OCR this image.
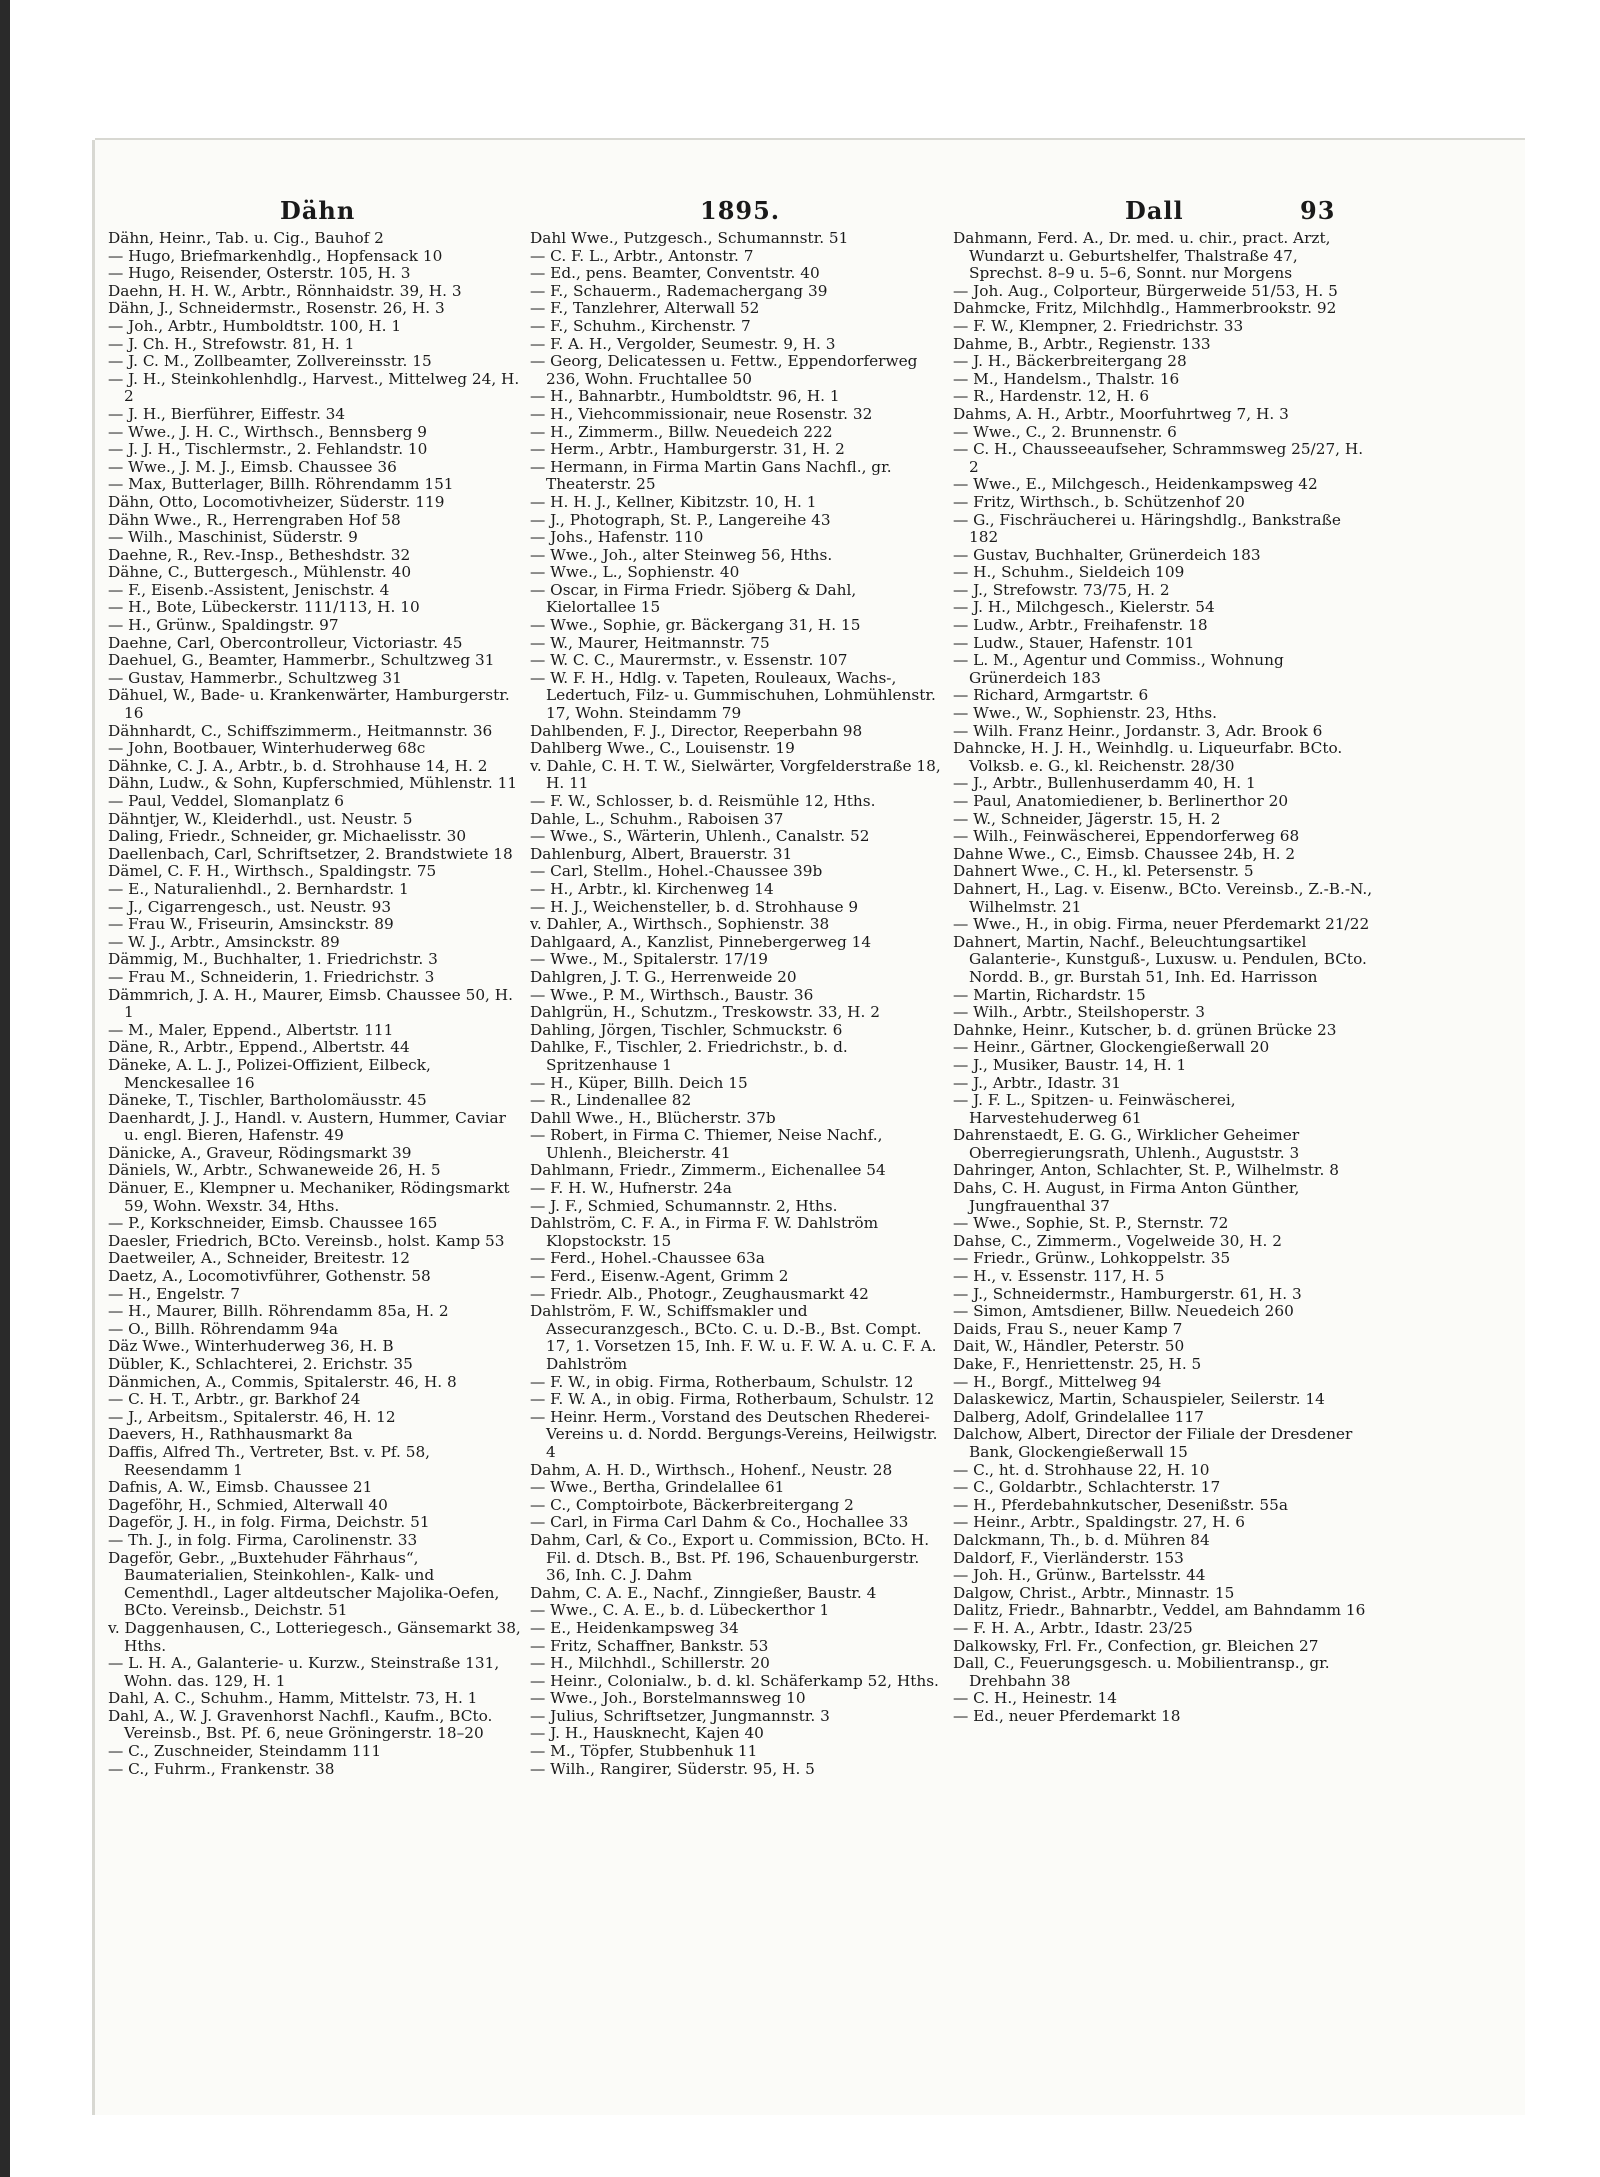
Dähn	1895.	Dall	93

Dähn, Heinr., Tab. u. Cig., Bauhof 2

— Hugo, Briefmarkenhdlg., Hopfensack 10

— Hugo, Reisender, Osterstr. 105, H. 3

Daehn, H. H. W., Arbtr., Rönnhaidstr. 39, H. 3

Dähn, J., Schneidermstr., Rosenstr. 26, H. 3

— Joh., Arbtr., Humboldtstr. 100, H. 1

— J. Ch. H., Strefowstr. 81, H. 1

— J. C. M., Zollbeamter, Zollvereinsstr. 15

— J. H., Steinkohlenhdlg., Harvest., Mittelweg 24, H. 2

— J. H., Bierführer, Eiffestr. 34

— Wwe., J. H. C., Wirthsch., Bennsberg 9

— J. J. H., Tischlermstr., 2. Fehlandstr. 10

— Wwe., J. M. J., Eimsb. Chaussee 36

— Max, Butterlager, Billh. Röhrendamm 151

Dähn, Otto, Locomotivheizer, Süderstr. 119

Dähn Wwe., R., Herrengraben Hof 58

— Wilh., Maschinist, Süderstr. 9

Daehne, R., Rev.-Insp., Betheshdstr. 32

Dähne, C., Buttergesch., Mühlenstr. 40

— F., Eisenb.-Assistent, Jenischstr. 4

— H., Bote, Lübeckerstr. 111/113, H. 10

— H., Grünw., Spaldingstr. 97

Daehne, Carl, Obercontrolleur, Victoriastr. 45

Daehuel, G., Beamter, Hammerbr., Schultzweg 31

— Gustav, Hammerbr., Schultzweg 31

Dähuel, W., Bade- u. Krankenwärter, Hamburgerstr. 16

Dähnhardt, C., Schiffszimmerm., Heitmannstr. 36

— John, Bootbauer, Winterhuderweg 68c

Dähnke, C. J. A., Arbtr., b. d. Strohhause 14, H. 2

Dähn, Ludw., & Sohn, Kupferschmied, Mühlenstr. 11

— Paul, Veddel, Slomanplatz 6

Dähntjer, W., Kleiderhdl., ust. Neustr. 5

Daling, Friedr., Schneider, gr. Michaelisstr. 30

Daellenbach, Carl, Schriftsetzer, 2. Brandstwiete 18

Dämel, C. F. H., Wirthsch., Spaldingstr. 75

— E., Naturalienhdl., 2. Bernhardstr. 1

— J., Cigarrengesch., ust. Neustr. 93

— Frau W., Friseurin, Amsinckstr. 89

— W. J., Arbtr., Amsinckstr. 89

Dämmig, M., Buchhalter, 1. Friedrichstr. 3

— Frau M., Schneiderin, 1. Friedrichstr. 3

Dämmrich, J. A. H., Maurer, Eimsb. Chaussee 50, H. 1

— M., Maler, Eppend., Albertstr. 111

Däne, R., Arbtr., Eppend., Albertstr. 44

Däneke, A. L. J., Polizei-Offizient, Eilbeck, Menckesallee 16

Däneke, T., Tischler, Bartholomäusstr. 45

Daenhardt, J. J., Handl. v. Austern, Hummer, Caviar u. engl. Bieren, Hafenstr. 49

Dänicke, A., Graveur, Rödingsmarkt 39

Däniels, W., Arbtr., Schwaneweide 26, H. 5

Dänuer, E., Klempner u. Mechaniker, Rödingsmarkt 59, Wohn. Wexstr. 34, Hths.

— P., Korkschneider, Eimsb. Chaussee 165

Daesler, Friedrich, BCto. Vereinsb., holst. Kamp 53

Daetweiler, A., Schneider, Breitestr. 12

Daetz, A., Locomotivführer, Gothenstr. 58

— H., Engelstr. 7

— H., Maurer, Billh. Röhrendamm 85a, H. 2

— O., Billh. Röhrendamm 94a

Däz Wwe., Winterhuderweg 36, H. B

Dübler, K., Schlachterei, 2. Erichstr. 35

Dänmichen, A., Commis, Spitalerstr. 46, H. 8

— C. H. T., Arbtr., gr. Barkhof 24

— J., Arbeitsm., Spitalerstr. 46, H. 12

Daevers, H., Rathhausmarkt 8a

Daffis, Alfred Th., Vertreter, Bst. v. Pf. 58, Reesendamm 1

Dafnis, A. W., Eimsb. Chaussee 21

Dageföhr, H., Schmied, Alterwall 40

Dageför, J. H., in folg. Firma, Deichstr. 51

— Th. J., in folg. Firma, Carolinenstr. 33

Dageför, Gebr., „Buxtehuder Fährhaus“, Baumaterialien, Steinkohlen-, Kalk- und Cementhdl., Lager altdeutscher Majolika-Oefen, BCto. Vereinsb., Deichstr. 51

v. Daggenhausen, C., Lotteriegesch., Gänsemarkt 38, Hths.

— L. H. A., Galanterie- u. Kurzw., Steinstraße 131, Wohn. das. 129, H. 1

Dahl, A. C., Schuhm., Hamm, Mittelstr. 73, H. 1

Dahl, A., W. J. Gravenhorst Nachfl., Kaufm., BCto. Vereinsb., Bst. Pf. 6, neue Gröningerstr. 18–20

— C., Zuschneider, Steindamm 111

— C., Fuhrm., Frankenstr. 38

Dahl Wwe., Putzgesch., Schumannstr. 51

— C. F. L., Arbtr., Antonstr. 7

— Ed., pens. Beamter, Conventstr. 40

— F., Schauerm., Rademachergang 39

— F., Tanzlehrer, Alterwall 52

— F., Schuhm., Kirchenstr. 7

— F. A. H., Vergolder, Seumestr. 9, H. 3

— Georg, Delicatessen u. Fettw., Eppendorferweg 236, Wohn. Fruchtallee 50

— H., Bahnarbtr., Humboldtstr. 96, H. 1

— H., Viehcommissionair, neue Rosenstr. 32

— H., Zimmerm., Billw. Neuedeich 222

— Herm., Arbtr., Hamburgerstr. 31, H. 2

— Hermann, in Firma Martin Gans Nachfl., gr. Theaterstr. 25

— H. H. J., Kellner, Kibitzstr. 10, H. 1

— J., Photograph, St. P., Langereihe 43

— Johs., Hafenstr. 110

— Wwe., Joh., alter Steinweg 56, Hths.

— Wwe., L., Sophienstr. 40

— Oscar, in Firma Friedr. Sjöberg & Dahl, Kielortallee 15

— Wwe., Sophie, gr. Bäckergang 31, H. 15

— W., Maurer, Heitmannstr. 75

— W. C. C., Maurermstr., v. Essenstr. 107

— W. F. H., Hdlg. v. Tapeten, Rouleaux, Wachs-, Ledertuch, Filz- u. Gummischuhen, Lohmühlenstr. 17, Wohn. Steindamm 79

Dahlbenden, F. J., Director, Reeperbahn 98

Dahlberg Wwe., C., Louisenstr. 19

v. Dahle, C. H. T. W., Sielwärter, Vorgfelderstraße 18, H. 11

— F. W., Schlosser, b. d. Reismühle 12, Hths.

Dahle, L., Schuhm., Raboisen 37

— Wwe., S., Wärterin, Uhlenh., Canalstr. 52

Dahlenburg, Albert, Brauerstr. 31

— Carl, Stellm., Hohel.-Chaussee 39b

— H., Arbtr., kl. Kirchenweg 14

— H. J., Weichensteller, b. d. Strohhause 9

v. Dahler, A., Wirthsch., Sophienstr. 38

Dahlgaard, A., Kanzlist, Pinnebergerweg 14

— Wwe., M., Spitalerstr. 17/19

Dahlgren, J. T. G., Herrenweide 20

— Wwe., P. M., Wirthsch., Baustr. 36

Dahlgrün, H., Schutzm., Treskowstr. 33, H. 2

Dahling, Jörgen, Tischler, Schmuckstr. 6

Dahlke, F., Tischler, 2. Friedrichstr., b. d. Spritzenhause 1

— H., Küper, Billh. Deich 15

— R., Lindenallee 82

Dahll Wwe., H., Blücherstr. 37b

— Robert, in Firma C. Thiemer, Neise Nachf., Uhlenh., Bleicherstr. 41

Dahlmann, Friedr., Zimmerm., Eichenallee 54

— F. H. W., Hufnerstr. 24a

— J. F., Schmied, Schumannstr. 2, Hths.

Dahlström, C. F. A., in Firma F. W. Dahlström Klopstockstr. 15

— Ferd., Hohel.-Chaussee 63a

— Ferd., Eisenw.-Agent, Grimm 2

— Friedr. Alb., Photogr., Zeughausmarkt 42

Dahlström, F. W., Schiffsmakler und Assecuranzgesch., BCto. C. u. D.-B., Bst. Compt. 17, 1. Vorsetzen 15, Inh. F. W. u. F. W. A. u. C. F. A. Dahlström

— F. W., in obig. Firma, Rotherbaum, Schulstr. 12

— F. W. A., in obig. Firma, Rotherbaum, Schulstr. 12

— Heinr. Herm., Vorstand des Deutschen Rhederei-Vereins u. d. Nordd. Bergungs-Vereins, Heilwigstr. 4

Dahm, A. H. D., Wirthsch., Hohenf., Neustr. 28

— Wwe., Bertha, Grindelallee 61

— C., Comptoirbote, Bäckerbreitergang 2

— Carl, in Firma Carl Dahm & Co., Hochallee 33

Dahm, Carl, & Co., Export u. Commission, BCto. H. Fil. d. Dtsch. B., Bst. Pf. 196, Schauenburgerstr. 36, Inh. C. J. Dahm

Dahm, C. A. E., Nachf., Zinngießer, Baustr. 4

— Wwe., C. A. E., b. d. Lübeckerthor 1

— E., Heidenkampsweg 34

— Fritz, Schaffner, Bankstr. 53

— H., Milchhdl., Schillerstr. 20

— Heinr., Colonialw., b. d. kl. Schäferkamp 52, Hths.

— Wwe., Joh., Borstelmannsweg 10

— Julius, Schriftsetzer, Jungmannstr. 3

— J. H., Hausknecht, Kajen 40

— M., Töpfer, Stubbenhuk 11

— Wilh., Rangirer, Süderstr. 95, H. 5

Dahmann, Ferd. A., Dr. med. u. chir., pract. Arzt, Wundarzt u. Geburtshelfer, Thalstraße 47, Sprechst. 8–9 u. 5–6, Sonnt. nur Morgens

— Joh. Aug., Colporteur, Bürgerweide 51/53, H. 5

Dahmcke, Fritz, Milchhdlg., Hammerbrookstr. 92

— F. W., Klempner, 2. Friedrichstr. 33

Dahme, B., Arbtr., Regienstr. 133

— J. H., Bäckerbreitergang 28

— M., Handelsm., Thalstr. 16

— R., Hardenstr. 12, H. 6

Dahms, A. H., Arbtr., Moorfuhrtweg 7, H. 3

— Wwe., C., 2. Brunnenstr. 6

— C. H., Chausseeaufseher, Schrammsweg 25/27, H. 2

— Wwe., E., Milchgesch., Heidenkampsweg 42

— Fritz, Wirthsch., b. Schützenhof 20

— G., Fischräucherei u. Häringshdlg., Bankstraße 182

— Gustav, Buchhalter, Grünerdeich 183

— H., Schuhm., Sieldeich 109

— J., Strefowstr. 73/75, H. 2

— J. H., Milchgesch., Kielerstr. 54

— Ludw., Arbtr., Freihafenstr. 18

— Ludw., Stauer, Hafenstr. 101

— L. M., Agentur und Commiss., Wohnung Grünerdeich 183

— Richard, Armgartstr. 6

— Wwe., W., Sophienstr. 23, Hths.

— Wilh. Franz Heinr., Jordanstr. 3, Adr. Brook 6

Dahncke, H. J. H., Weinhdlg. u. Liqueurfabr. BCto. Volksb. e. G., kl. Reichenstr. 28/30

— J., Arbtr., Bullenhuserdamm 40, H. 1

— Paul, Anatomiediener, b. Berlinerthor 20

— W., Schneider, Jägerstr. 15, H. 2

— Wilh., Feinwäscherei, Eppendorferweg 68

Dahne Wwe., C., Eimsb. Chaussee 24b, H. 2

Dahnert Wwe., C. H., kl. Petersenstr. 5

Dahnert, H., Lag. v. Eisenw., BCto. Vereinsb., Z.-B.-N., Wilhelmstr. 21

— Wwe., H., in obig. Firma, neuer Pferdemarkt 21/22

Dahnert, Martin, Nachf., Beleuchtungsartikel Galanterie-, Kunstguß-, Luxusw. u. Pendulen, BCto. Nordd. B., gr. Burstah 51, Inh. Ed. Harrisson

— Martin, Richardstr. 15

— Wilh., Arbtr., Steilshoperstr. 3

Dahnke, Heinr., Kutscher, b. d. grünen Brücke 23

— Heinr., Gärtner, Glockengießerwall 20

— J., Musiker, Baustr. 14, H. 1

— J., Arbtr., Idastr. 31

— J. F. L., Spitzen- u. Feinwäscherei, Harvestehuderweg 61

Dahrenstaedt, E. G. G., Wirklicher Geheimer Oberregierungsrath, Uhlenh., Auguststr. 3

Dahringer, Anton, Schlachter, St. P., Wilhelmstr. 8

Dahs, C. H. August, in Firma Anton Günther, Jungfrauenthal 37

— Wwe., Sophie, St. P., Sternstr. 72

Dahse, C., Zimmerm., Vogelweide 30, H. 2

— Friedr., Grünw., Lohkoppelstr. 35

— H., v. Essenstr. 117, H. 5

— J., Schneidermstr., Hamburgerstr. 61, H. 3

— Simon, Amtsdiener, Billw. Neuedeich 260

Daids, Frau S., neuer Kamp 7

Dait, W., Händler, Peterstr. 50

Dake, F., Henriettenstr. 25, H. 5

— H., Borgf., Mittelweg 94

Dalaskewicz, Martin, Schauspieler, Seilerstr. 14

Dalberg, Adolf, Grindelallee 117

Dalchow, Albert, Director der Filiale der Dresdener Bank, Glockengießerwall 15

— C., ht. d. Strohhause 22, H. 10

— C., Goldarbtr., Schlachterstr. 17

— H., Pferdebahnkutscher, Desenißstr. 55a

— Heinr., Arbtr., Spaldingstr. 27, H. 6

Dalckmann, Th., b. d. Mühren 84

Daldorf, F., Vierländerstr. 153

— Joh. H., Grünw., Bartelsstr. 44

Dalgow, Christ., Arbtr., Minnastr. 15

Dalitz, Friedr., Bahnarbtr., Veddel, am Bahndamm 16

— F. H. A., Arbtr., Idastr. 23/25

Dalkowsky, Frl. Fr., Confection, gr. Bleichen 27

Dall, C., Feuerungsgesch. u. Mobilientransp., gr. Drehbahn 38

— C. H., Heinestr. 14

— Ed., neuer Pferdemarkt 18
